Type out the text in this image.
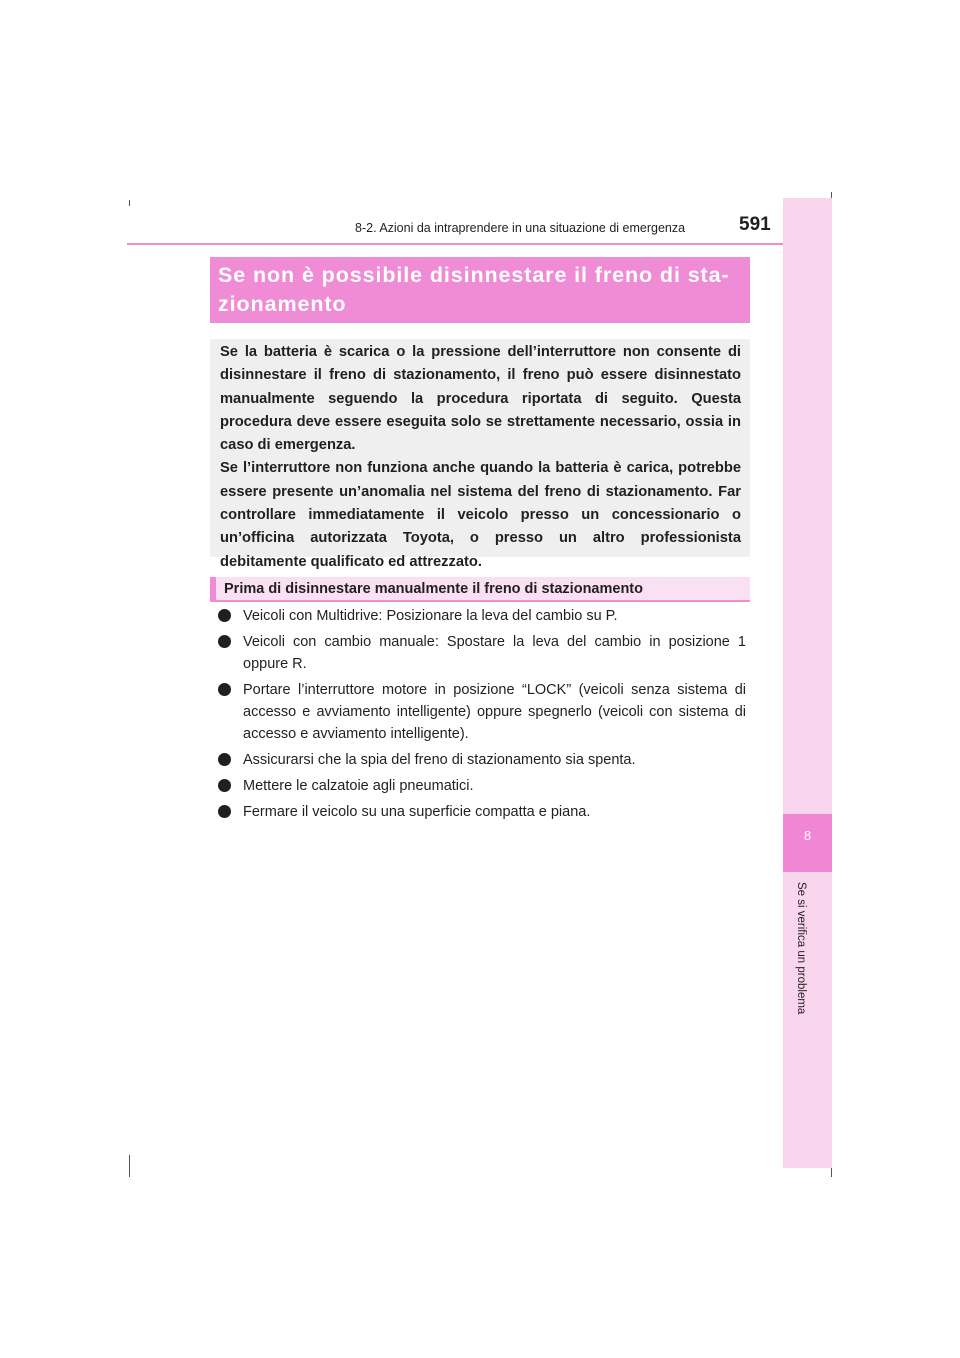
8
Se si verifica un problema
8-2. Azioni da intraprendere in una situazione di emergenza	591
Se non è possibile disinnestare il freno di sta-zionamento

Se la batteria è scarica o la pressione dell’interruttore non consente di disinnestare il freno di stazionamento, il freno può essere disinnestato manualmente seguendo la procedura riportata di seguito. Questa procedura deve essere eseguita solo se strettamente necessario, ossia in caso di emergenza.

Se l’interruttore non funziona anche quando la batteria è carica, potrebbe essere presente un’anomalia nel sistema del freno di stazionamento. Far controllare immediatamente il veicolo presso un concessionario o un’officina autorizzata Toyota, o presso un altro professionista debitamente qualificato ed attrezzato.

Prima di disinnestare manualmente il freno di stazionamento
Veicoli con Multidrive: Posizionare la leva del cambio su P.
Veicoli con cambio manuale: Spostare la leva del cambio in posizione 1 oppure R.
Portare l’interruttore motore in posizione “LOCK” (veicoli senza sistema di accesso e avviamento intelligente) oppure spegnerlo (veicoli con sistema di accesso e avviamento intelligente).
Assicurarsi che la spia del freno di stazionamento sia spenta.
Mettere le calzatoie agli pneumatici.
Fermare il veicolo su una superficie compatta e piana.
